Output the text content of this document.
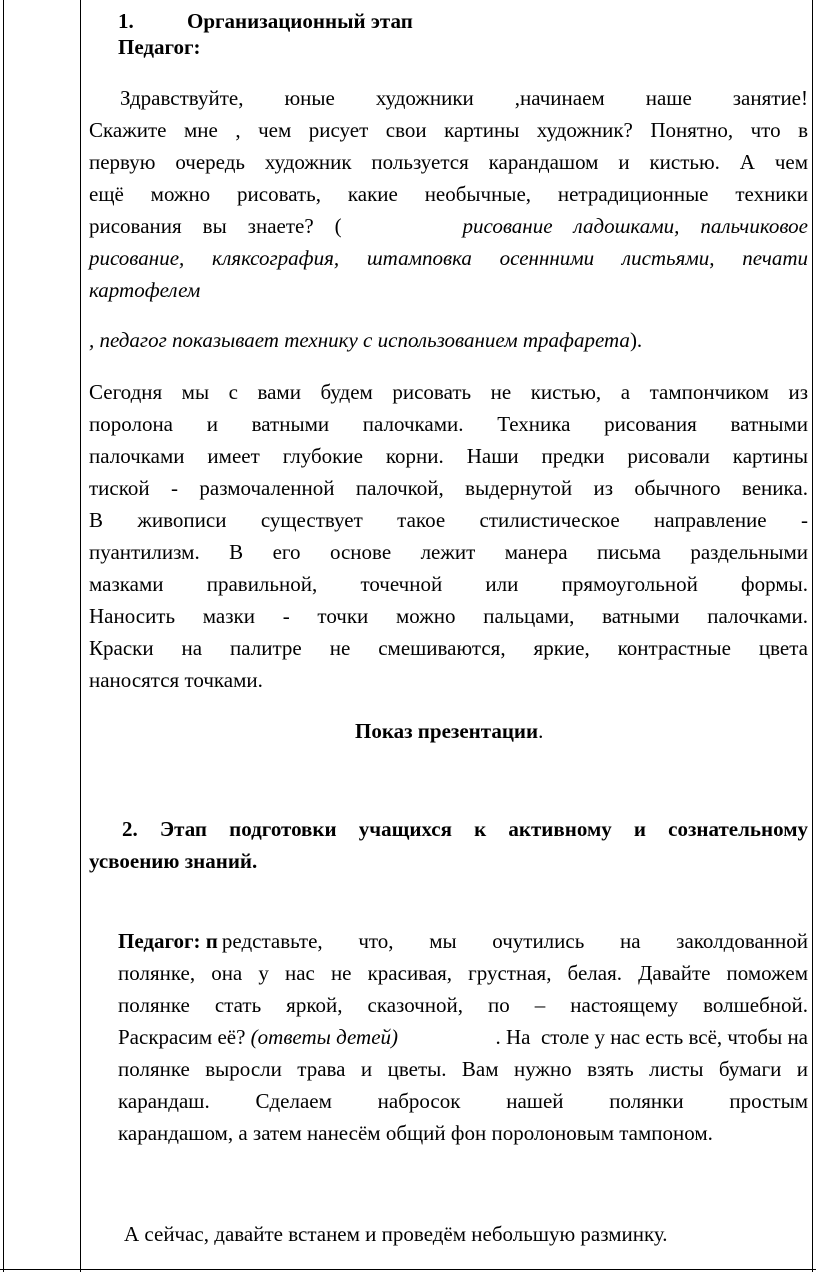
1.	Организационный этап
Педагог:
Здравствуйте, юные художники ,начинаем наше занятие!
Скажите мне , чем рисует свои картины художник? Понятно, что в
первую очередь художник пользуется карандашом и кистью. А чем
ещё можно рисовать, какие необычные, нетрадиционные техники
рисования    вы    знаете?    (	рисование    ладошками,    пальчиковое
рисование, кляксография, штамповка осеннними листьями, печати
картофелем
, педагог показывает технику с использованием трафарета).
Сегодня мы с вами будем рисовать не кистью, а тампончиком из
поролона и ватными палочками. Техника рисования ватными
палочками имеет глубокие корни. Наши предки рисовали картины
тиской - размочаленной палочкой, выдернутой из обычного веника.
В живописи существует такое стилистическое направление -
пуантилизм. В его основе лежит манера письма раздельными
мазками правильной, точечной или прямоугольной формы.
Наносить мазки - точки можно пальцами, ватными палочками.
Краски на палитре не смешиваются, яркие, контрастные цвета
наносятся точками.
Показ презентации.
2. Этап подготовки учащихся к активному и сознательному
усвоению знаний.
Педагог: п редставьте, что, мы очутились на заколдованной
полянке, она у нас не красивая, грустная, белая. Давайте поможем
полянке стать яркой, сказочной, по – настоящему волшебной.
Раскрасим её? (ответы детей)	. На  столе у нас есть всё, чтобы на
полянке выросли трава и цветы. Вам нужно взять листы бумаги и
карандаш. Сделаем набросок нашей полянки простым
карандашом, а затем нанесём общий фон поролоновым тампоном.
А сейчас, давайте встанем и проведём небольшую разминку.
